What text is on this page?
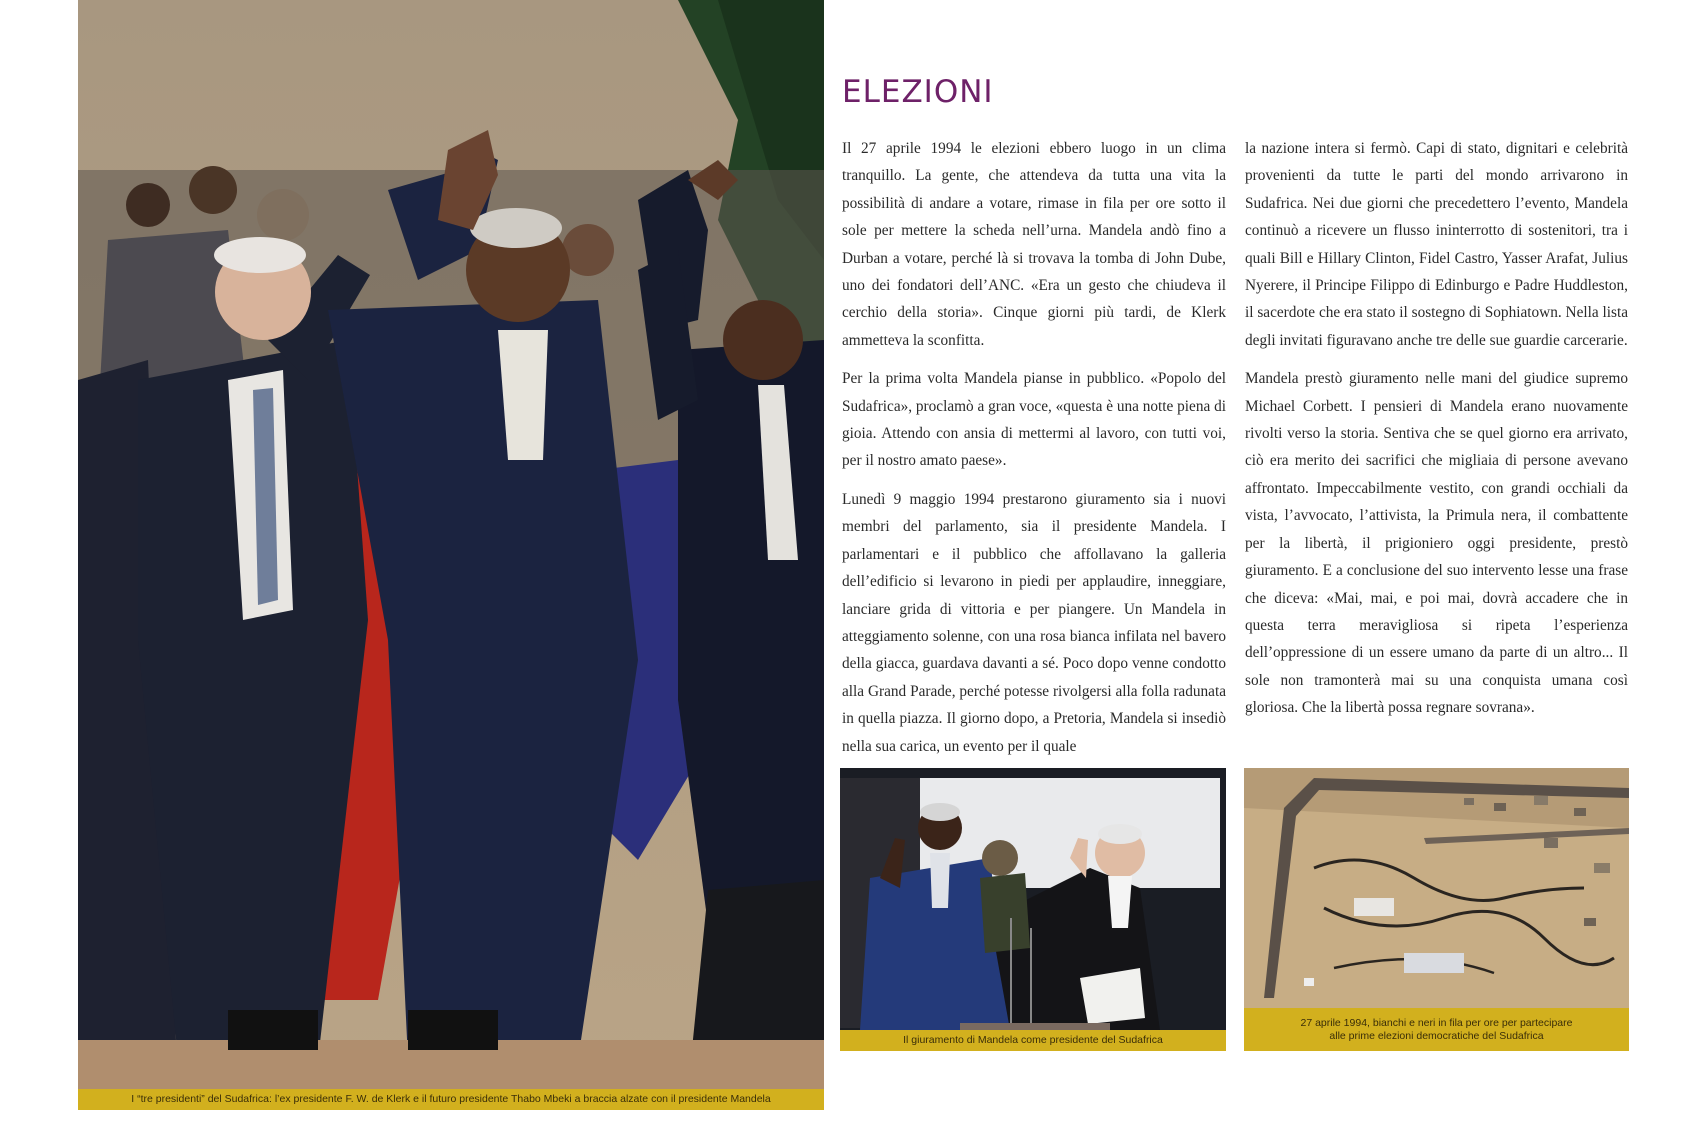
I “tre presidenti” del Sudafrica: l’ex presidente F. W. de Klerk e il futuro presidente Thabo Mbeki a braccia alzate con il presidente Mandela
ELEZIONI

Il 27 aprile 1994 le elezioni ebbero luogo in un clima tranquillo. La gente, che attendeva da tutta una vita la possibilità di andare a votare, rimase in fila per ore sotto il sole per mettere la scheda nell’urna. Mandela andò fino a Durban a votare, perché là si trovava la tomba di John Dube, uno dei fondatori dell’ANC. «Era un gesto che chiudeva il cerchio della storia». Cinque giorni più tardi, de Klerk ammetteva la sconfitta.

Per la prima volta Mandela pianse in pubblico. «Popolo del Sudafrica», proclamò a gran voce, «questa è una notte piena di gioia. Attendo con ansia di mettermi al lavoro, con tutti voi, per il nostro amato paese».

Lunedì 9 maggio 1994 prestarono giuramento sia i nuovi membri del parlamento, sia il presidente Mandela. I parlamentari e il pubblico che affollavano la galleria dell’edificio si levarono in piedi per applaudire, inneggiare, lanciare grida di vittoria e per piangere. Un Mandela in atteggiamento solenne, con una rosa bianca infilata nel bavero della giacca, guardava davanti a sé. Poco dopo venne condotto alla Grand Parade, perché potesse rivolgersi alla folla radunata in quella piazza. Il giorno dopo, a Pretoria, Mandela si insediò nella sua carica, un evento per il quale

la nazione intera si fermò. Capi di stato, dignitari e celebrità provenienti da tutte le parti del mondo arrivarono in Sudafrica. Nei due giorni che precedettero l’evento, Mandela continuò a ricevere un flusso ininterrotto di sostenitori, tra i quali Bill e Hillary Clinton, Fidel Castro, Yasser Arafat, Julius Nyerere, il Principe Filippo di Edinburgo e Padre Huddleston, il sacerdote che era stato il sostegno di Sophiatown. Nella lista degli invitati figuravano anche tre delle sue guardie carcerarie.

Mandela prestò giuramento nelle mani del giudice supremo Michael Corbett. I pensieri di Mandela erano nuovamente rivolti verso la storia. Sentiva che se quel giorno era arrivato, ciò era merito dei sacrifici che migliaia di persone avevano affrontato. Impeccabilmente vestito, con grandi occhiali da vista, l’avvocato, l’attivista, la Primula nera, il combattente per la libertà, il prigioniero oggi presidente, prestò giuramento. E a conclusione del suo intervento lesse una frase che diceva: «Mai, mai, e poi mai, dovrà accadere che in questa terra meravigliosa si ripeta l’esperienza dell’oppressione di un essere umano da parte di un altro... Il sole non tramonterà mai su una conquista umana così gloriosa. Che la libertà possa regnare sovrana».

Il giuramento di Mandela come presidente del Sudafrica
27 aprile 1994, bianchi e neri in fila per ore per partecipare
alle prime elezioni democratiche del Sudafrica
